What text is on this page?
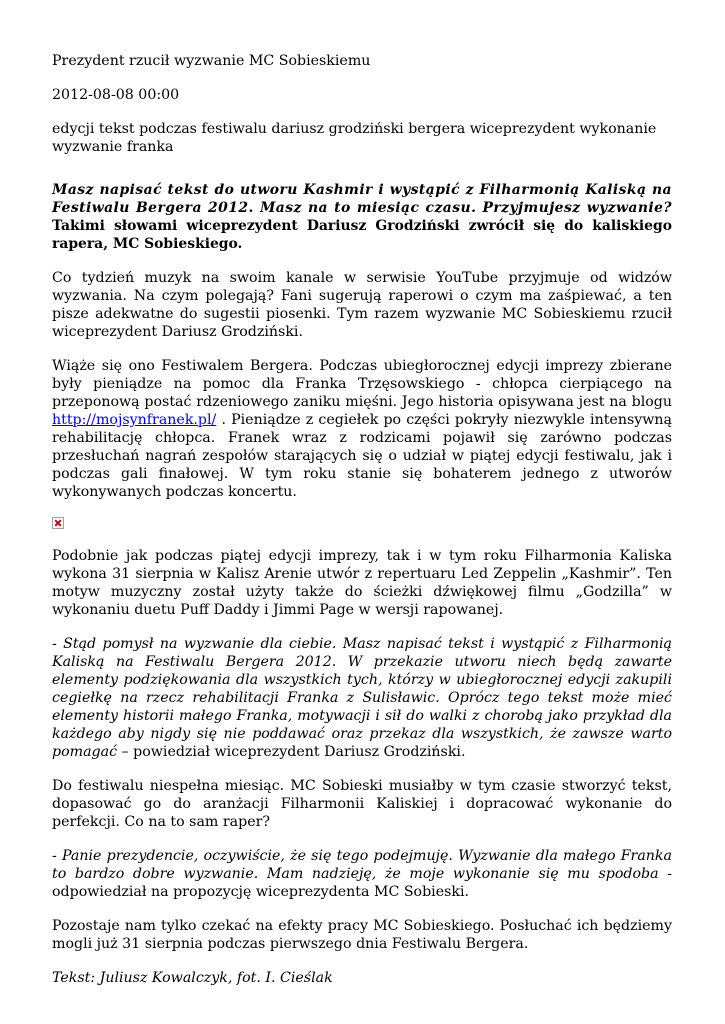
Prezydent rzucił wyzwanie MC Sobieskiemu

2012-08-08 00:00

edycji tekst podczas festiwalu dariusz grodziński bergera wiceprezydent wykonanie wyzwanie franka

Masz napisać tekst do utworu Kashmir i wystąpić z Filharmonią Kaliską na Festiwalu Bergera 2012. Masz na to miesiąc czasu. Przyjmujesz wyzwanie? Takimi słowami wiceprezydent Dariusz Grodziński zwrócił się do kaliskiego rapera, MC Sobieskiego.

Co tydzień muzyk na swoim kanale w serwisie YouTube przyjmuje od widzów wyzwania. Na czym polegają? Fani sugerują raperowi o czym ma zaśpiewać, a ten pisze adekwatne do sugestii piosenki. Tym razem wyzwanie MC Sobieskiemu rzucił wiceprezydent Dariusz Grodziński.

Wiąże się ono Festiwalem Bergera. Podczas ubiegłorocznej edycji imprezy zbierane były pieniądze na pomoc dla Franka Trzęsowskiego - chłopca cierpiącego na przeponową postać rdzeniowego zaniku mięśni. Jego historia opisywana jest na blogu http://mojsynfranek.pl/ . Pieniądze z cegiełek po części pokryły niezwykle intensywną rehabilitację chłopca. Franek wraz z rodzicami pojawił się zarówno podczas przesłuchań nagrań zespołów starających się o udział w piątej edycji festiwalu, jak i podczas gali finałowej. W tym roku stanie się bohaterem jednego z utworów wykonywanych podczas koncertu.

Podobnie jak podczas piątej edycji imprezy, tak i w tym roku Filharmonia Kaliska wykona 31 sierpnia w Kalisz Arenie utwór z repertuaru Led Zeppelin „Kashmir”. Ten motyw muzyczny został użyty także do ścieżki dźwiękowej filmu „Godzilla” w wykonaniu duetu Puff Daddy i Jimmi Page w wersji rapowanej.

- Stąd pomysł na wyzwanie dla ciebie. Masz napisać tekst i wystąpić z Filharmonią Kaliską na Festiwalu Bergera 2012. W przekazie utworu niech będą zawarte elementy podziękowania dla wszystkich tych, którzy w ubiegłorocznej edycji zakupili cegiełkę na rzecz rehabilitacji Franka z Sulisławic. Oprócz tego tekst może mieć elementy historii małego Franka, motywacji i sił do walki z chorobą jako przykład dla każdego aby nigdy się nie poddawać oraz przekaz dla wszystkich, że zawsze warto pomagać – powiedział wiceprezydent Dariusz Grodziński.

Do festiwalu niespełna miesiąc. MC Sobieski musiałby w tym czasie stworzyć tekst, dopasować go do aranżacji Filharmonii Kaliskiej i dopracować wykonanie do perfekcji. Co na to sam raper?

- Panie prezydencie, oczywiście, że się tego podejmuję. Wyzwanie dla małego Franka to bardzo dobre wyzwanie. Mam nadzieję, że moje wykonanie się mu spodoba - odpowiedział na propozycję wiceprezydenta MC Sobieski.

Pozostaje nam tylko czekać na efekty pracy MC Sobieskiego. Posłuchać ich będziemy mogli już 31 sierpnia podczas pierwszego dnia Festiwalu Bergera.

Tekst: Juliusz Kowalczyk, fot. I. Cieślak
